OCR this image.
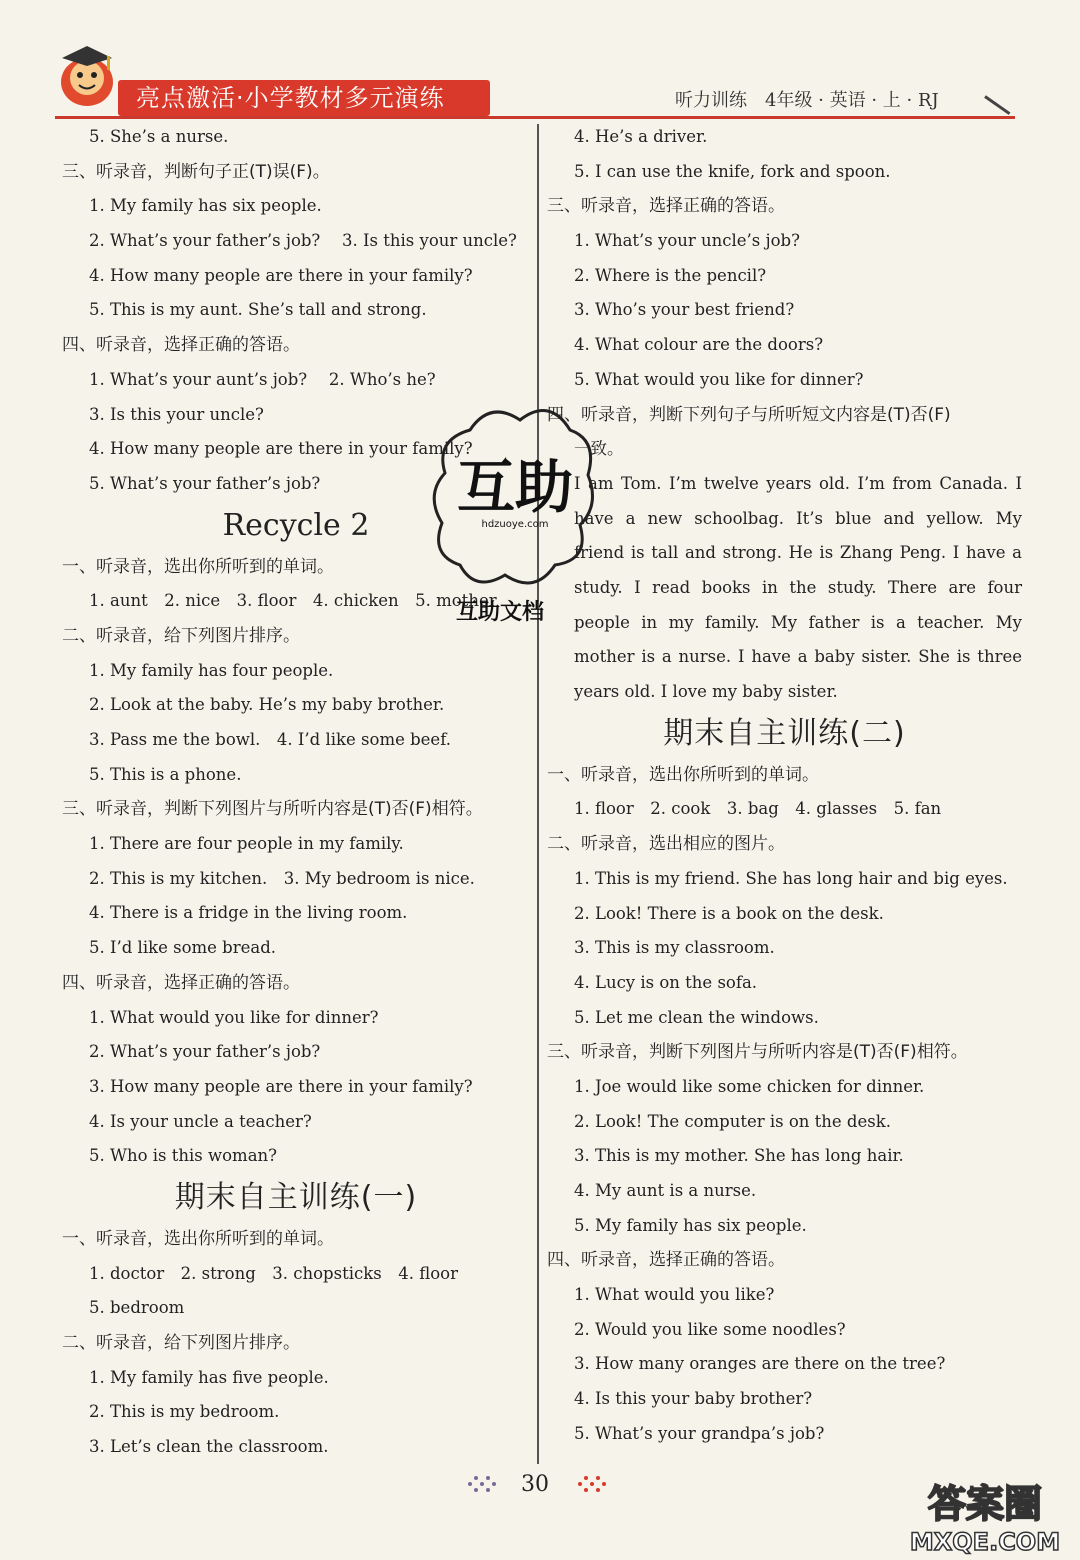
亮点激活·小学教材多元演练	听力训练　4年级 · 英语 · 上 · RJ
5. She’s a nurse.
三、听录音，判断句子正(T)误(F)。
1. My family has six people.
2. What’s your father’s job?　 3. Is this your uncle?
4. How many people are there in your family?
5. This is my aunt. She’s tall and strong.
四、听录音，选择正确的答语。
1. What’s your aunt’s job?　 2. Who’s he?
3. Is this your uncle?
4. How many people are there in your family?
5. What’s your father’s job?
Recycle 2
一、听录音，选出你所听到的单词。
1. aunt　2. nice　3. floor　4. chicken　5. mother
二、听录音，给下列图片排序。
1. My family has four people.
2. Look at the baby. He’s my baby brother.
3. Pass me the bowl.　4. I’d like some beef.
5. This is a phone.
三、听录音，判断下列图片与所听内容是(T)否(F)相符。
1. There are four people in my family.
2. This is my kitchen.　3. My bedroom is nice.
4. There is a fridge in the living room.
5. I’d like some bread.
四、听录音，选择正确的答语。
1. What would you like for dinner?
2. What’s your father’s job?
3. How many people are there in your family?
4. Is your uncle a teacher?
5. Who is this woman?
期末自主训练(一)
一、听录音，选出你所听到的单词。
1. doctor　2. strong　3. chopsticks　4. floor
5. bedroom
二、听录音，给下列图片排序。
1. My family has five people.
2. This is my bedroom.
3. Let’s clean the classroom.
4. He’s a driver.
5. I can use the knife, fork and spoon.
三、听录音，选择正确的答语。
1. What’s your uncle’s job?
2. Where is the pencil?
3. Who’s your best friend?
4. What colour are the doors?
5. What would you like for dinner?
四、听录音，判断下列句子与所听短文内容是(T)否(F)
一致。
I am Tom. I’m twelve years old. I’m from Canada. I have a new schoolbag. It’s blue and yellow. My friend is tall and strong. He is Zhang Peng. I have a study. I read books in the study. There are four people in my family. My father is a teacher. My mother is a nurse. I have a baby sister. She is three years old. I love my baby sister.
期末自主训练(二)
一、听录音，选出你所听到的单词。
1. floor　2. cook　3. bag　4. glasses　5. fan
二、听录音，选出相应的图片。
1. This is my friend. She has long hair and big eyes.
2. Look! There is a book on the desk.
3. This is my classroom.
4. Lucy is on the sofa.
5. Let me clean the windows.
三、听录音，判断下列图片与所听内容是(T)否(F)相符。
1. Joe would like some chicken for dinner.
2. Look! The computer is on the desk.
3. This is my mother. She has long hair.
4. My aunt is a nurse.
5. My family has six people.
四、听录音，选择正确的答语。
1. What would you like?
2. Would you like some noodles?
3. How many oranges are there on the tree?
4. Is this your baby brother?
5. What’s your grandpa’s job?
互助
hdzuoye.com
互助文档
30	答案圈
MXQE.COM
